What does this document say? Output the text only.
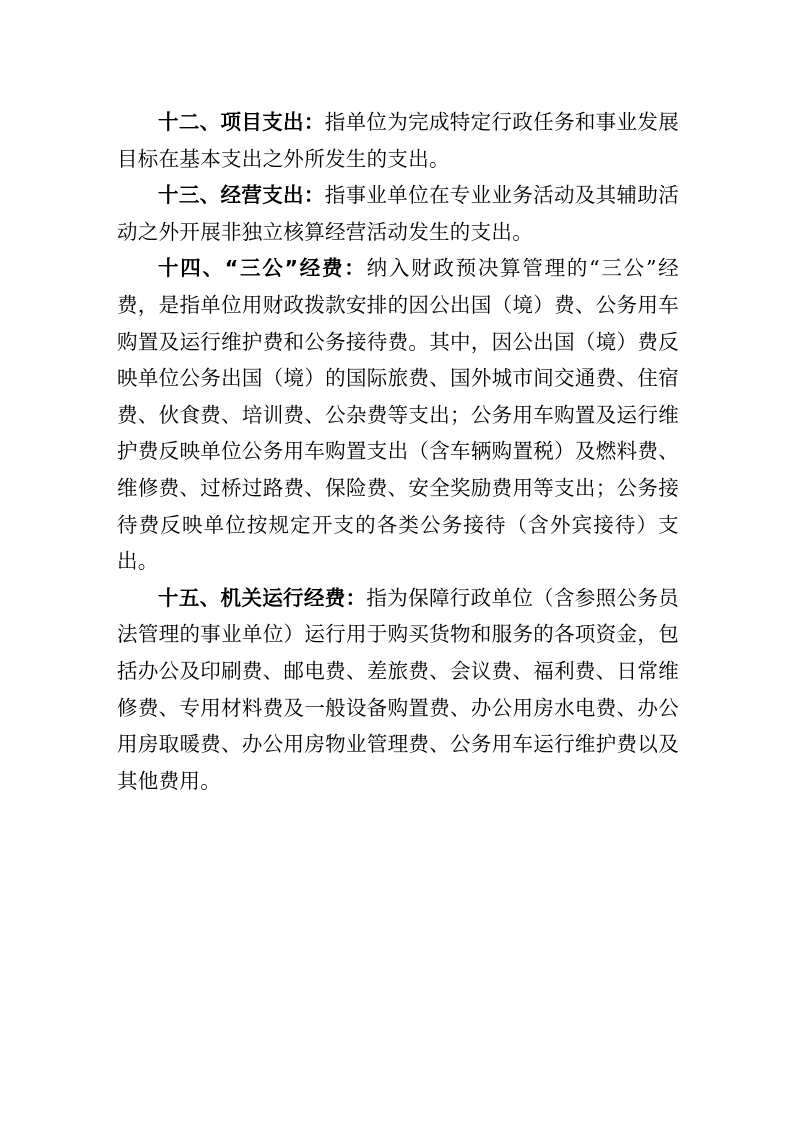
十二、项目支出：指单位为完成特定行政任务和事业发展目标在基本支出之外所发生的支出。

十三、经营支出：指事业单位在专业业务活动及其辅助活动之外开展非独立核算经营活动发生的支出。

十四、“三公”经费：纳入财政预决算管理的“三公”经费，是指单位用财政拨款安排的因公出国（境）费、公务用车购置及运行维护费和公务接待费。其中，因公出国（境）费反映单位公务出国（境）的国际旅费、国外城市间交通费、住宿费、伙食费、培训费、公杂费等支出；公务用车购置及运行维护费反映单位公务用车购置支出（含车辆购置税）及燃料费、维修费、过桥过路费、保险费、安全奖励费用等支出；公务接待费反映单位按规定开支的各类公务接待（含外宾接待）支出。

十五、机关运行经费：指为保障行政单位（含参照公务员法管理的事业单位）运行用于购买货物和服务的各项资金，包括办公及印刷费、邮电费、差旅费、会议费、福利费、日常维修费、专用材料费及一般设备购置费、办公用房水电费、办公用房取暖费、办公用房物业管理费、公务用车运行维护费以及其他费用。
